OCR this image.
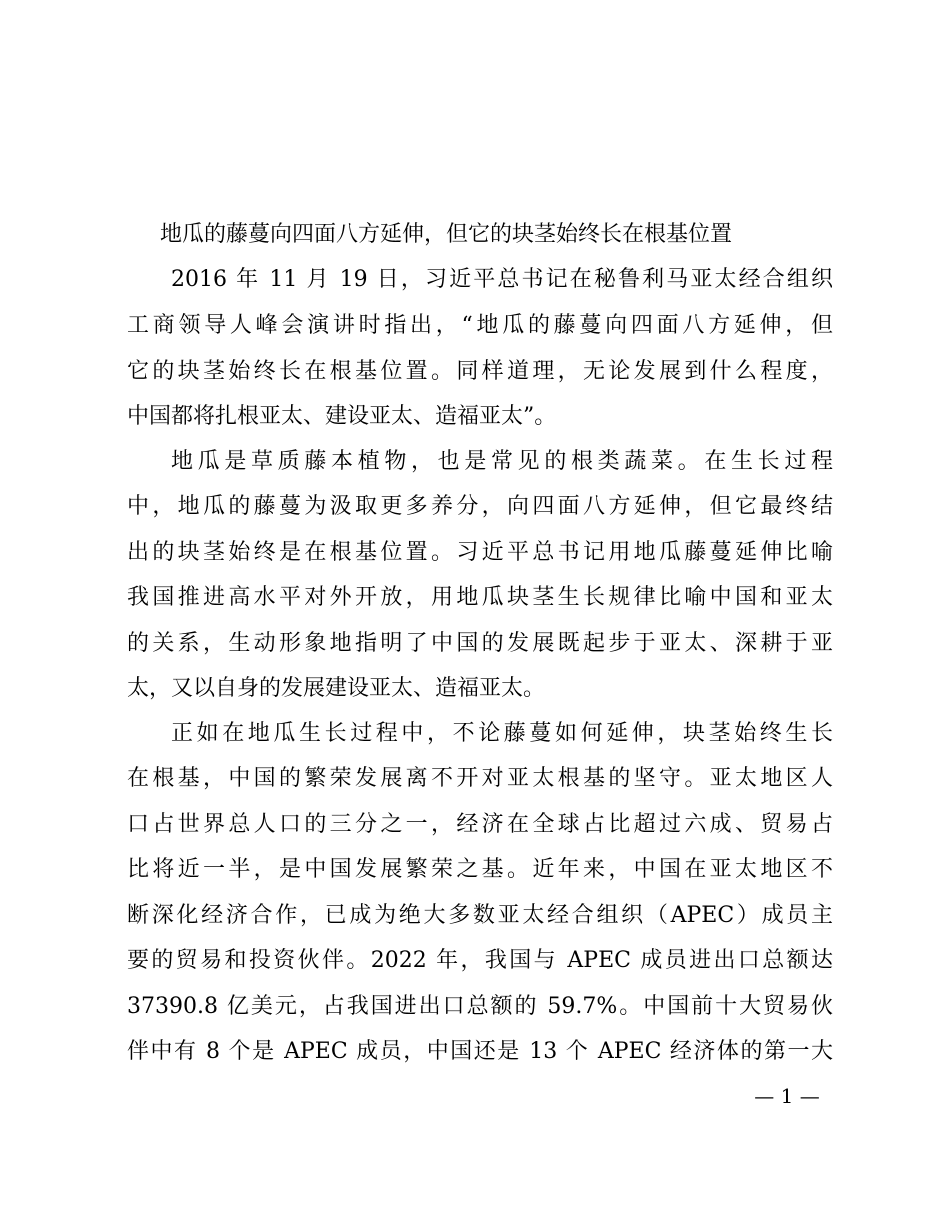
地瓜的藤蔓向四面八方延伸，但它的块茎始终长在根基位置
2016 年 11 月 19 日，习近平总书记在秘鲁利马亚太经合组织
工商领导人峰会演讲时指出，“地瓜的藤蔓向四面八方延伸，但
它的块茎始终长在根基位置。同样道理，无论发展到什么程度，
中国都将扎根亚太、建设亚太、造福亚太”。
地瓜是草质藤本植物，也是常见的根类蔬菜。在生长过程
中，地瓜的藤蔓为汲取更多养分，向四面八方延伸，但它最终结
出的块茎始终是在根基位置。习近平总书记用地瓜藤蔓延伸比喻
我国推进高水平对外开放，用地瓜块茎生长规律比喻中国和亚太
的关系，生动形象地指明了中国的发展既起步于亚太、深耕于亚
太，又以自身的发展建设亚太、造福亚太。
正如在地瓜生长过程中，不论藤蔓如何延伸，块茎始终生长
在根基，中国的繁荣发展离不开对亚太根基的坚守。亚太地区人
口占世界总人口的三分之一，经济在全球占比超过六成、贸易占
比将近一半，是中国发展繁荣之基。近年来，中国在亚太地区不
断深化经济合作，已成为绝大多数亚太经合组织（APEC）成员主
要的贸易和投资伙伴。2022 年，我国与 APEC 成员进出口总额达
37390.8 亿美元，占我国进出口总额的 59.7%。中国前十大贸易伙
伴中有 8 个是 APEC 成员，中国还是 13 个 APEC 经济体的第一大
— 1 —
